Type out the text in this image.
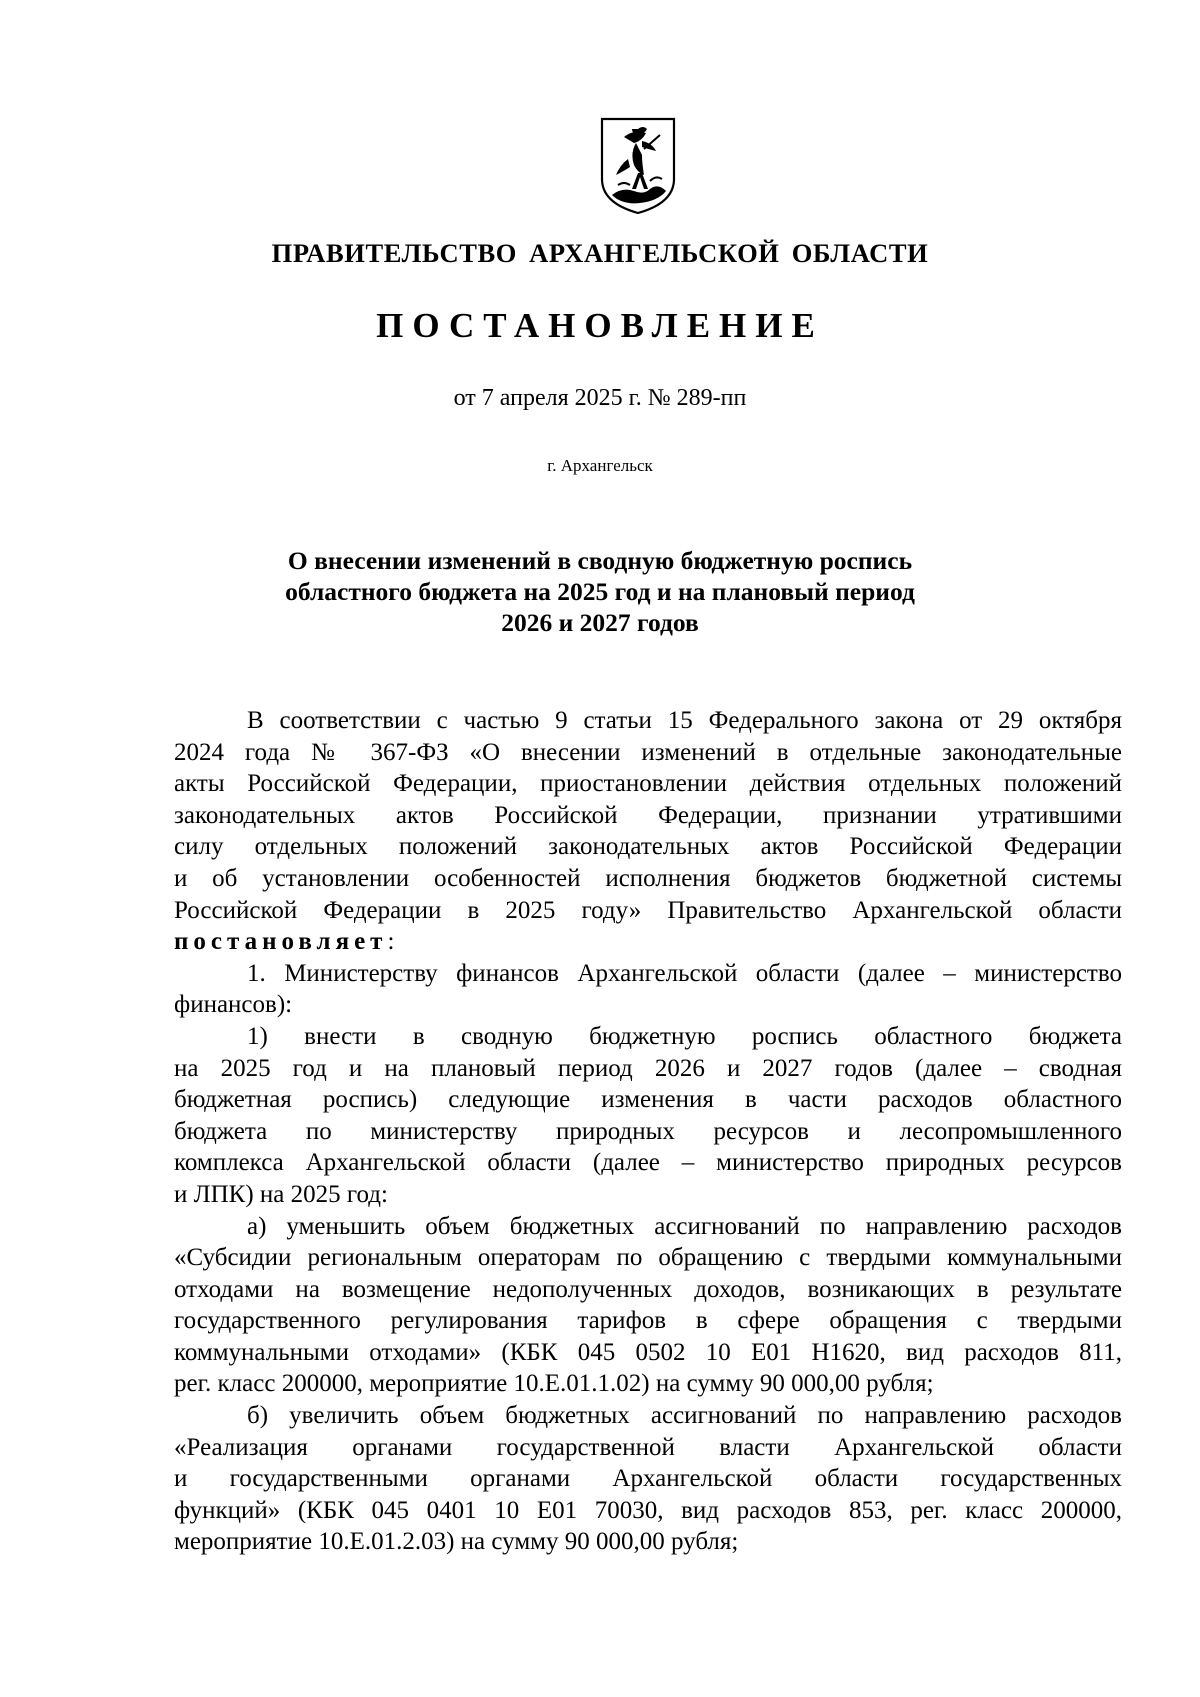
ПРАВИТЕЛЬСТВО АРХАНГЕЛЬСКОЙ ОБЛАСТИ
ПОСТАНОВЛЕНИЕ
от 7 апреля 2025 г. № 289-пп
г. Архангельск
О внесении изменений в сводную бюджетную роспись
областного бюджета на 2025 год и на плановый период
2026 и 2027 годов
В соответствии с частью 9 статьи 15 Федерального закона от 29 октября
2024 года № 367-ФЗ «О внесении изменений в отдельные законодательные
акты Российской Федерации, приостановлении действия отдельных положений
законодательных актов Российской Федерации, признании утратившими
силу отдельных положений законодательных актов Российской Федерации
и об установлении особенностей исполнения бюджетов бюджетной системы
Российской Федерации в 2025 году» Правительство Архангельской области
постановляет:
1. Министерству финансов Архангельской области (далее – министерство
финансов):
1) внести в сводную бюджетную роспись областного бюджета
на 2025 год и на плановый период 2026 и 2027 годов (далее – сводная
бюджетная роспись) следующие изменения в части расходов областного
бюджета по министерству природных ресурсов и лесопромышленного
комплекса Архангельской области (далее – министерство природных ресурсов
и ЛПК) на 2025 год:
а) уменьшить объем бюджетных ассигнований по направлению расходов
«Субсидии региональным операторам по обращению с твердыми коммунальными
отходами на возмещение недополученных доходов, возникающих в результате
государственного регулирования тарифов в сфере обращения с твердыми
коммунальными отходами» (КБК 045 0502 10 Е01 Н1620, вид расходов 811,
рег. класс 200000, мероприятие 10.Е.01.1.02) на сумму 90 000,00 рубля;
б) увеличить объем бюджетных ассигнований по направлению расходов
«Реализация органами государственной власти Архангельской области
и государственными органами Архангельской области государственных
функций» (КБК 045 0401 10 Е01 70030, вид расходов 853, рег. класс 200000,
мероприятие 10.Е.01.2.03) на сумму 90 000,00 рубля;
